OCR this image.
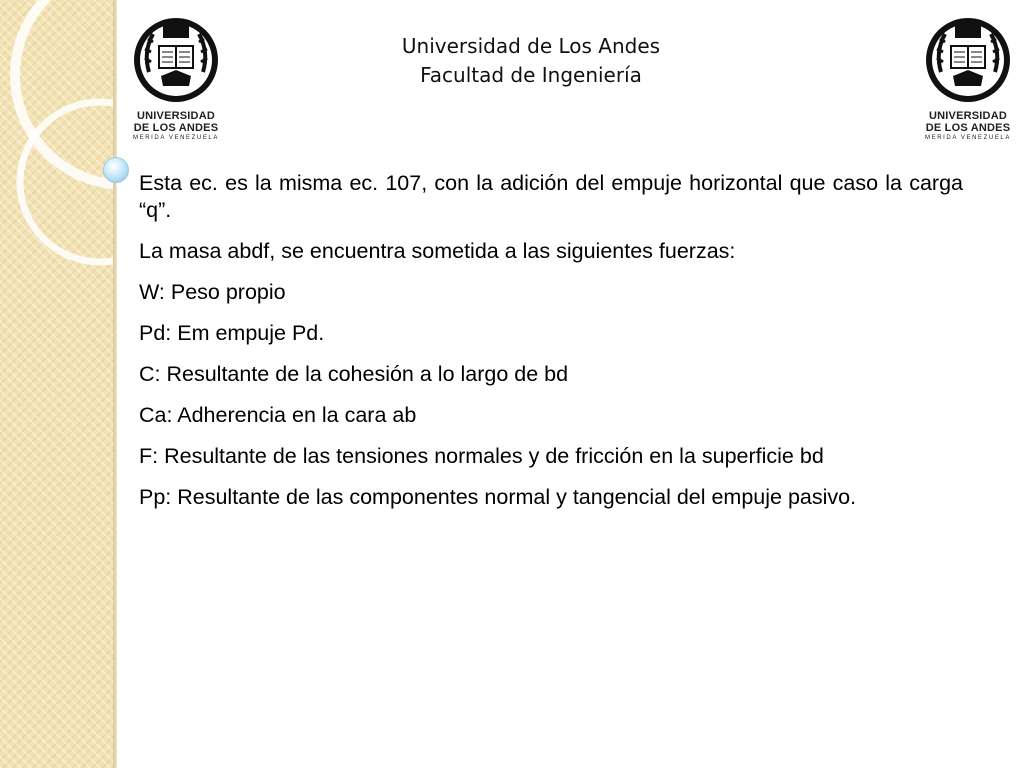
UNIVERSIDAD
DE LOS ANDES
MERIDA VENEZUELA
UNIVERSIDAD
DE LOS ANDES
MERIDA VENEZUELA
Universidad de Los Andes
Facultad de Ingeniería

Esta ec. es la misma ec. 107, con la adición del empuje horizontal que caso la carga “q”.

La masa abdf, se encuentra sometida a las siguientes fuerzas:

W: Peso propio

Pd: Em empuje Pd.

C: Resultante de la cohesión a lo largo de bd

Ca: Adherencia en la cara ab

F: Resultante de las tensiones normales y de fricción en la superficie bd

Pp: Resultante de las componentes normal y tangencial del empuje pasivo.
